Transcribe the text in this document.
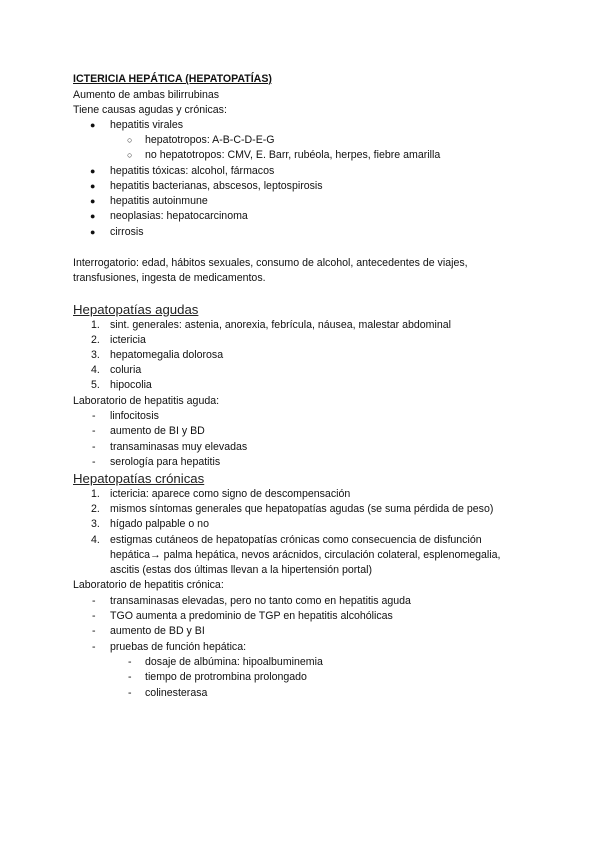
ICTERICIA HEPÁTICA (HEPATOPATÍAS)
Aumento de ambas bilirrubinas
Tiene causas agudas y crónicas:
● hepatitis virales
○ hepatotropos: A-B-C-D-E-G
○ no hepatotropos: CMV, E. Barr, rubéola, herpes, fiebre amarilla
● hepatitis tóxicas: alcohol, fármacos
● hepatitis bacterianas, abscesos, leptospirosis
● hepatitis autoinmune
● neoplasias: hepatocarcinoma
● cirrosis
Interrogatorio: edad, hábitos sexuales, consumo de alcohol, antecedentes de viajes,
transfusiones, ingesta de medicamentos.
Hepatopatías agudas
1. sint. generales: astenia, anorexia, febrícula, náusea, malestar abdominal
2. ictericia
3. hepatomegalia dolorosa
4. coluria
5. hipocolia
Laboratorio de hepatitis aguda:
- linfocitosis
- aumento de BI y BD
- transaminasas muy elevadas
- serología para hepatitis
Hepatopatías crónicas
1. ictericia: aparece como signo de descompensación
2. mismos síntomas generales que hepatopatías agudas (se suma pérdida de peso)
3. hígado palpable o no
4. estigmas cutáneos de hepatopatías crónicas como consecuencia de disfunción
hepática→ palma hepática, nevos arácnidos, circulación colateral, esplenomegalia,
ascitis (estas dos últimas llevan a la hipertensión portal)
Laboratorio de hepatitis crónica:
- transaminasas elevadas, pero no tanto como en hepatitis aguda
- TGO aumenta a predominio de TGP en hepatitis alcohólicas
- aumento de BD y BI
- pruebas de función hepática:
- dosaje de albúmina: hipoalbuminemia
- tiempo de protrombina prolongado
- colinesterasa
